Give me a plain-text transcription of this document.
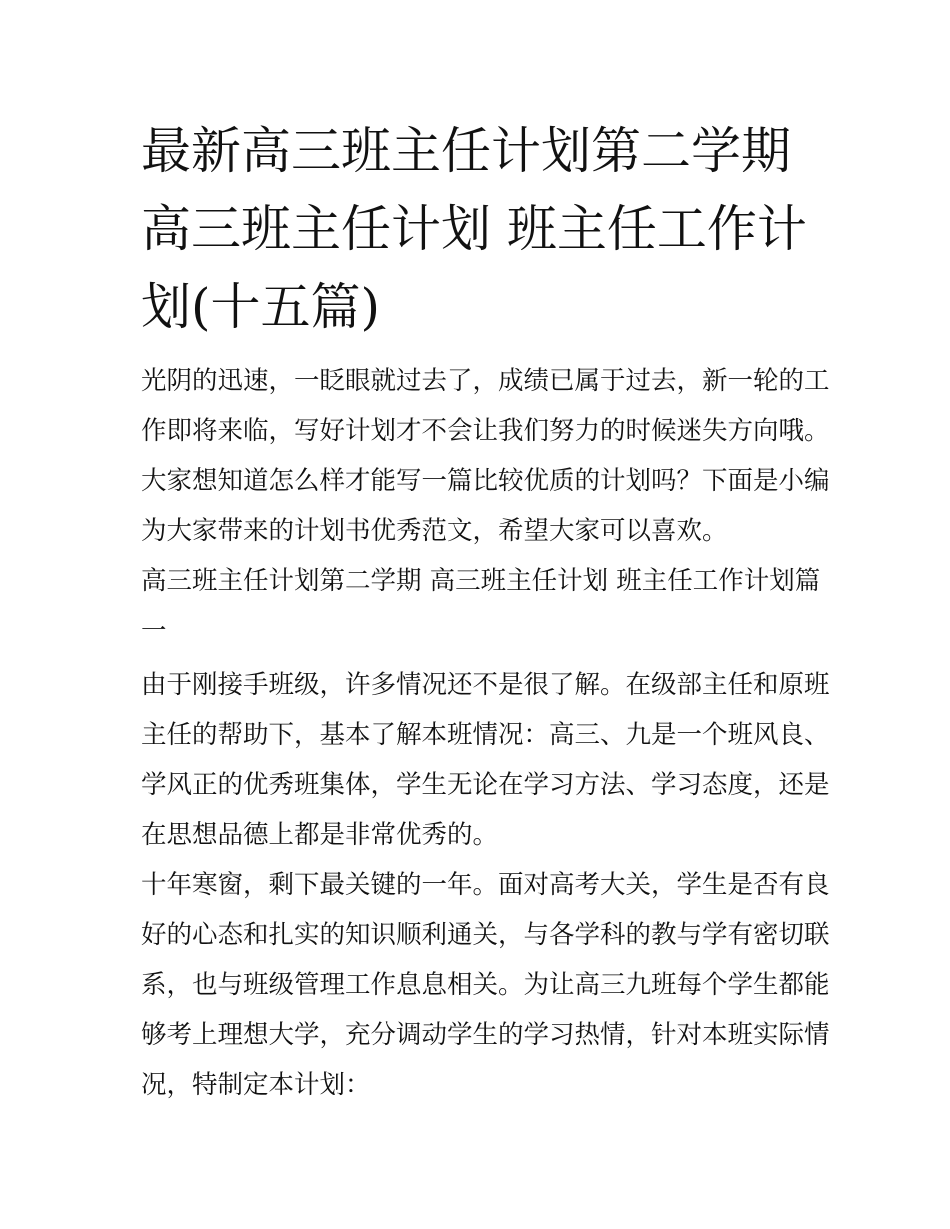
最新高三班主任计划第二学期
高三班主任计划 班主任工作计
划(十五篇)

光阴的迅速，一眨眼就过去了，成绩已属于过去，新一轮的工
作即将来临，写好计划才不会让我们努力的时候迷失方向哦。
大家想知道怎么样才能写一篇比较优质的计划吗？下面是小编
为大家带来的计划书优秀范文，希望大家可以喜欢。

高三班主任计划第二学期 高三班主任计划 班主任工作计划篇
一

由于刚接手班级，许多情况还不是很了解。在级部主任和原班
主任的帮助下，基本了解本班情况：高三、九是一个班风良、
学风正的优秀班集体，学生无论在学习方法、学习态度，还是
在思想品德上都是非常优秀的。

十年寒窗，剩下最关键的一年。面对高考大关，学生是否有良
好的心态和扎实的知识顺利通关，与各学科的教与学有密切联
系，也与班级管理工作息息相关。为让高三九班每个学生都能
够考上理想大学，充分调动学生的学习热情，针对本班实际情
况，特制定本计划：
